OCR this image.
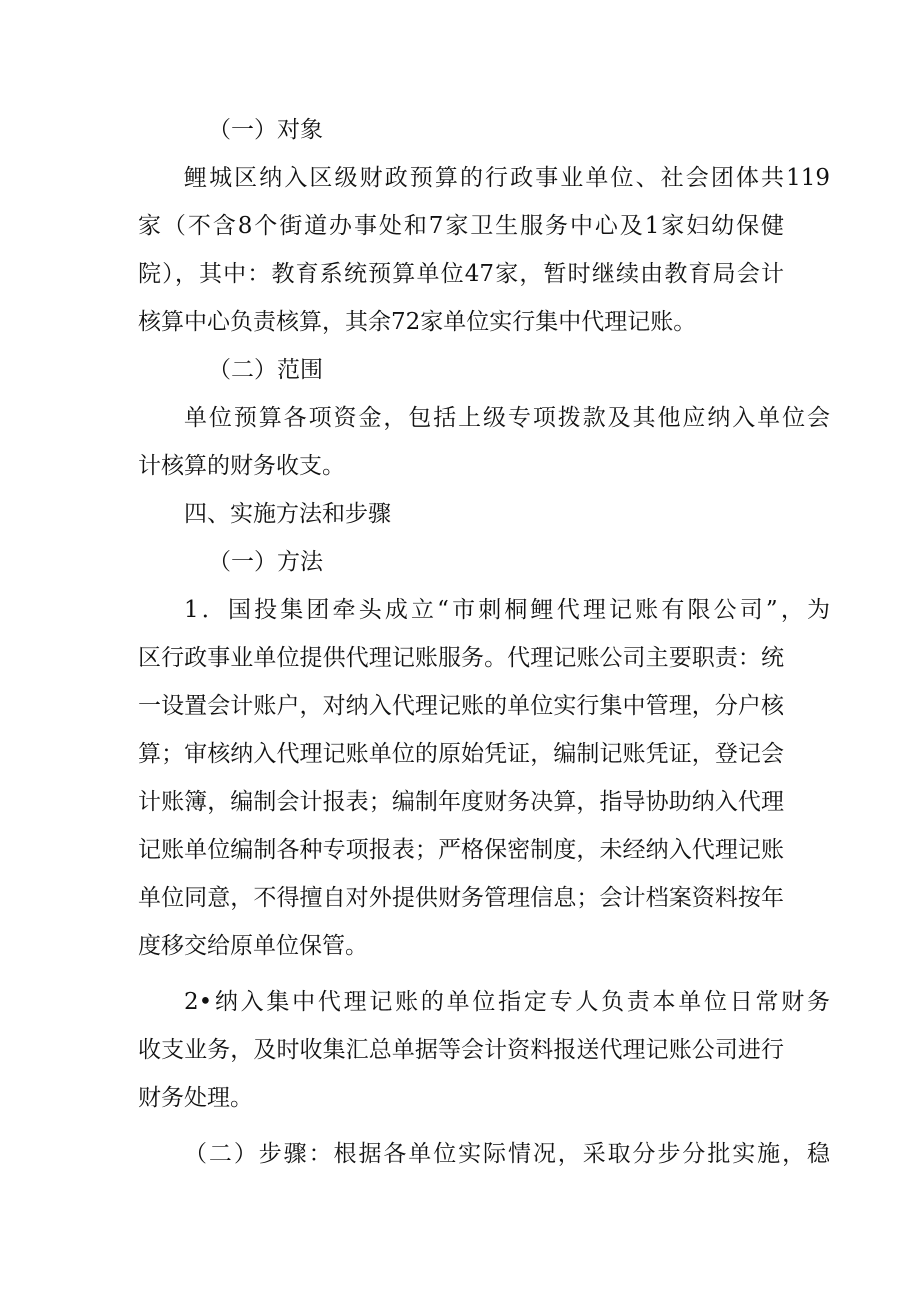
（一）对象
鲤城区纳入区级财政预算的行政事业单位、社会团体共119
家（不含8个街道办事处和7家卫生服务中心及1家妇幼保健
院），其中：教育系统预算单位47家，暂时继续由教育局会计
核算中心负责核算，其余72家单位实行集中代理记账。
（二）范围
单位预算各项资金，包括上级专项拨款及其他应纳入单位会
计核算的财务收支。
四、实施方法和步骤
（一）方法
1．国投集团牵头成立“市刺桐鲤代理记账有限公司”，为
区行政事业单位提供代理记账服务。代理记账公司主要职责：统
一设置会计账户，对纳入代理记账的单位实行集中管理，分户核
算；审核纳入代理记账单位的原始凭证，编制记账凭证，登记会
计账簿，编制会计报表；编制年度财务决算，指导协助纳入代理
记账单位编制各种专项报表；严格保密制度，未经纳入代理记账
单位同意，不得擅自对外提供财务管理信息；会计档案资料按年
度移交给原单位保管。
2•纳入集中代理记账的单位指定专人负责本单位日常财务
收支业务，及时收集汇总单据等会计资料报送代理记账公司进行
财务处理。
（二）步骤：根据各单位实际情况，采取分步分批实施，稳
